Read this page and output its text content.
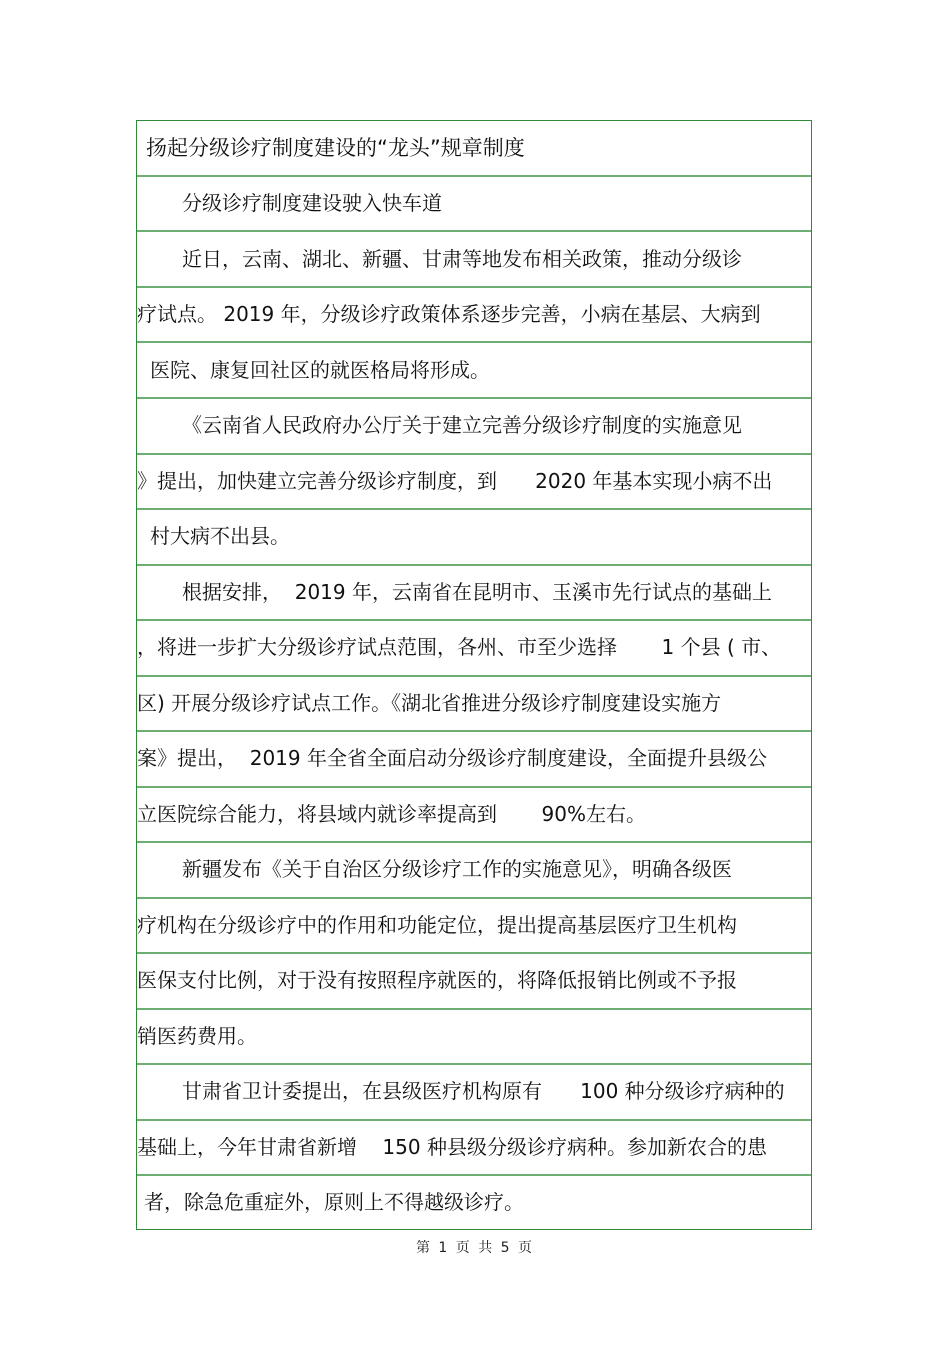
扬起分级诊疗制度建设的“龙头”规章制度
分级诊疗制度建设驶入快车道
近日，云南、湖北、新疆、甘肃等地发布相关政策，推动分级诊
疗试点。 2019 年，分级诊疗政策体系逐步完善，小病在基层、大病到
医院、康复回社区的就医格局将形成。
《云南省人民政府办公厅关于建立完善分级诊疗制度的实施意见
》提出，加快建立完善分级诊疗制度，到      2020 年基本实现小病不出
村大病不出县。
根据安排，  2019 年，云南省在昆明市、玉溪市先行试点的基础上
，将进一步扩大分级诊疗试点范围，各州、市至少选择       1 个县 ( 市、
区) 开展分级诊疗试点工作。《湖北省推进分级诊疗制度建设实施方
案》提出，  2019 年全省全面启动分级诊疗制度建设，全面提升县级公
立医院综合能力，将县域内就诊率提高到       90%左右。
新疆发布《关于自治区分级诊疗工作的实施意见》，明确各级医
疗机构在分级诊疗中的作用和功能定位，提出提高基层医疗卫生机构
医保支付比例，对于没有按照程序就医的，将降低报销比例或不予报
销医药费用。
甘肃省卫计委提出，在县级医疗机构原有      100 种分级诊疗病种的
基础上，今年甘肃省新增    150 种县级分级诊疗病种。参加新农合的患
者，除急危重症外，原则上不得越级诊疗。
第 1 页 共 5 页
